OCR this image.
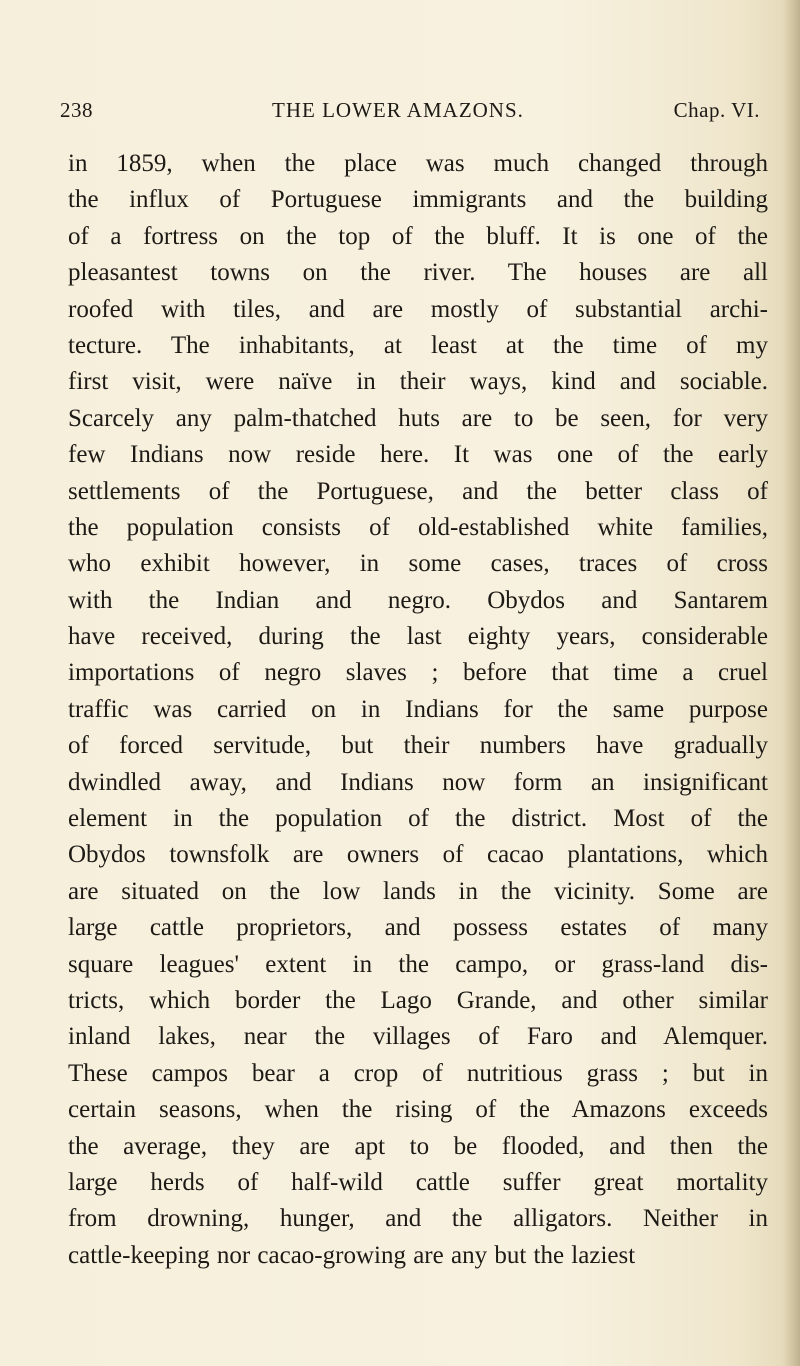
238	THE LOWER AMAZONS.	Chap. VI.
in 1859, when the place was much changed through
the influx of Portuguese immigrants and the building
of a fortress on the top of the bluff. It is one of the
pleasantest towns on the river. The houses are all
roofed with tiles, and are mostly of substantial archi-
tecture. The inhabitants, at least at the time of my
first visit, were naïve in their ways, kind and sociable.
Scarcely any palm-thatched huts are to be seen, for very
few Indians now reside here. It was one of the early
settlements of the Portuguese, and the better class of
the population consists of old-established white families,
who exhibit however, in some cases, traces of cross
with the Indian and negro. Obydos and Santarem
have received, during the last eighty years, considerable
importations of negro slaves ; before that time a cruel
traffic was carried on in Indians for the same purpose
of forced servitude, but their numbers have gradually
dwindled away, and Indians now form an insignificant
element in the population of the district. Most of the
Obydos townsfolk are owners of cacao plantations, which
are situated on the low lands in the vicinity. Some are
large cattle proprietors, and possess estates of many
square leagues' extent in the campo, or grass-land dis-
tricts, which border the Lago Grande, and other similar
inland lakes, near the villages of Faro and Alemquer.
These campos bear a crop of nutritious grass ; but in
certain seasons, when the rising of the Amazons exceeds
the average, they are apt to be flooded, and then the
large herds of half-wild cattle suffer great mortality
from drowning, hunger, and the alligators. Neither in
cattle-keeping nor cacao-growing are any but the laziest
